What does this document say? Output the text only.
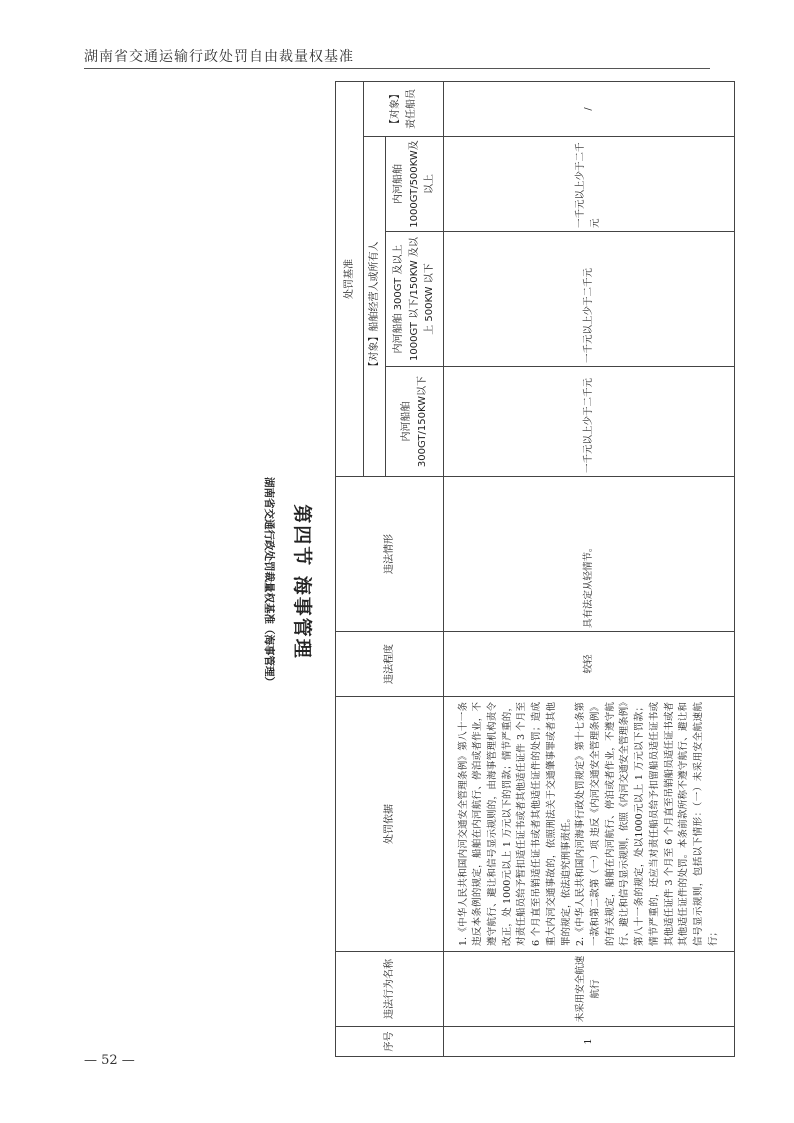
湖南省交通运输行政处罚自由裁量权基准
第四节 海事管理
湖南省交通行政处罚裁量权基准（海事管理）
序号	违法行为名称	处罚依据	违法程度	违法情形	处罚基准			
					【对象】船舶经营人或所有人			【对象】责任船员
					内河船舶300GT/150KW以下	内河船舶 300GT 及以上1000GT 以下/150KW 及以上 500KW 以下	内河船舶1000GT/500KW及以上	
1	未采用安全航速航行	1.《中华人民共和国内河交通安全管理条例》第八十一条 违反本条例的规定，船舶在内河航行、停泊或者作业，不遵守航行、避让和信号显示规则的，由海事管理机构责令改正，处 1000元以上 1 万元以下的罚款；情节严重的，对责任船员给予暂扣适任证书或者其他适任证件 3 个月至 6 个月直至吊销适任证书或者其他适任证件的处罚；造成重大内河交通事故的，依照刑法关于交通肇事罪或者其他罪的规定，依法追究刑事责任。 2.《中华人民共和国内河海事行政处罚规定》第十七条第一款和第二款第（一）项 违反《内河交通安全管理条例》的有关规定，船舶在内河航行、停泊或者作业，不遵守航行、避让和信号显示规则，依照《内河交通安全管理条例》第八十一条的规定，处以1000元以上 1 万元以下罚款；情节严重的，还应当对责任船员给予扣留船员适任证书或其他适任证件 3 个月至 6 个月直至吊销船员适任证书或者其他适任证件的处罚。本条前款所称不遵守航行、避让和信号显示规则，包括以下情形：（一）未采用安全航速航行；	较轻	具有法定从轻情节。	一千元以上少于二千元	一千元以上少于二千元	一千元以上少于二千元	/
— 52 —
